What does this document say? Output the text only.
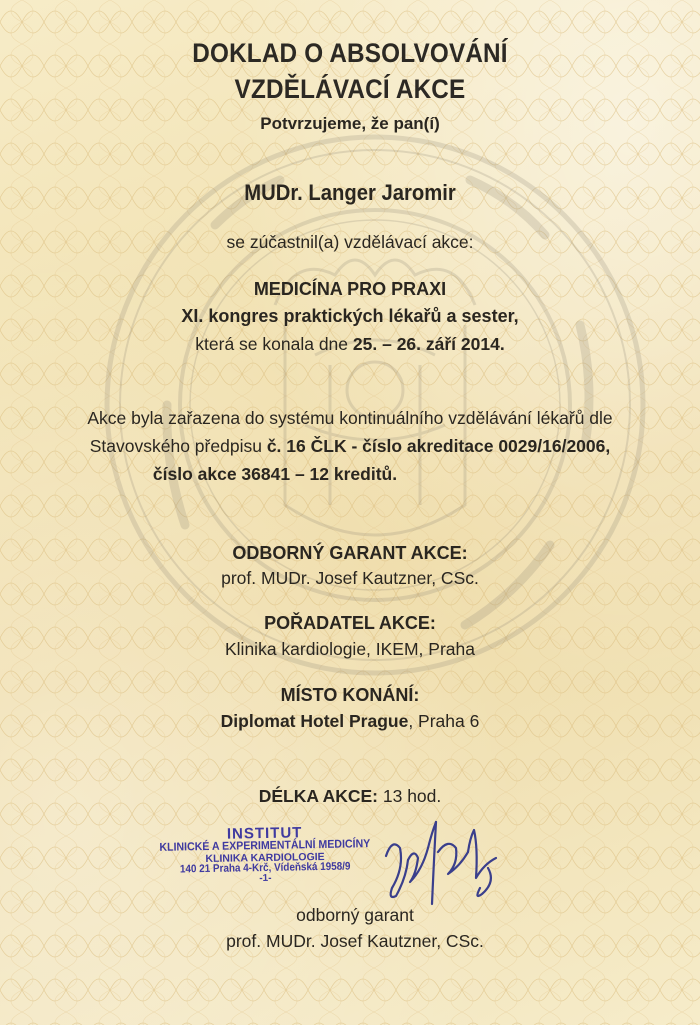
DOKLAD O ABSOLVOVÁNÍ
VZDĚLÁVACÍ AKCE
Potvrzujeme, že pan(í)
MUDr. Langer Jaromir
se zúčastnil(a) vzdělávací akce:
MEDICÍNA PRO PRAXI
XI. kongres praktických lékařů a sester,
která se konala dne 25. – 26. září 2014.
Akce byla zařazena do systému kontinuálního vzdělávání lékařů dle
Stavovského předpisu č. 16 ČLK - číslo akreditace 0029/16/2006,
číslo akce 36841 – 12 kreditů.
ODBORNÝ GARANT AKCE:
prof. MUDr. Josef Kautzner, CSc.
POŘADATEL AKCE:
Klinika kardiologie, IKEM, Praha
MÍSTO KONÁNÍ:
Diplomat Hotel Prague, Praha 6
DÉLKA AKCE: 13 hod.
INSTITUT
KLINICKÉ A EXPERIMENTÁLNÍ MEDICÍNY
KLINIKA KARDIOLOGIE
140 21 Praha 4-Krč, Vídeňská 1958/9
-1-
odborný garant
prof. MUDr. Josef Kautzner, CSc.
